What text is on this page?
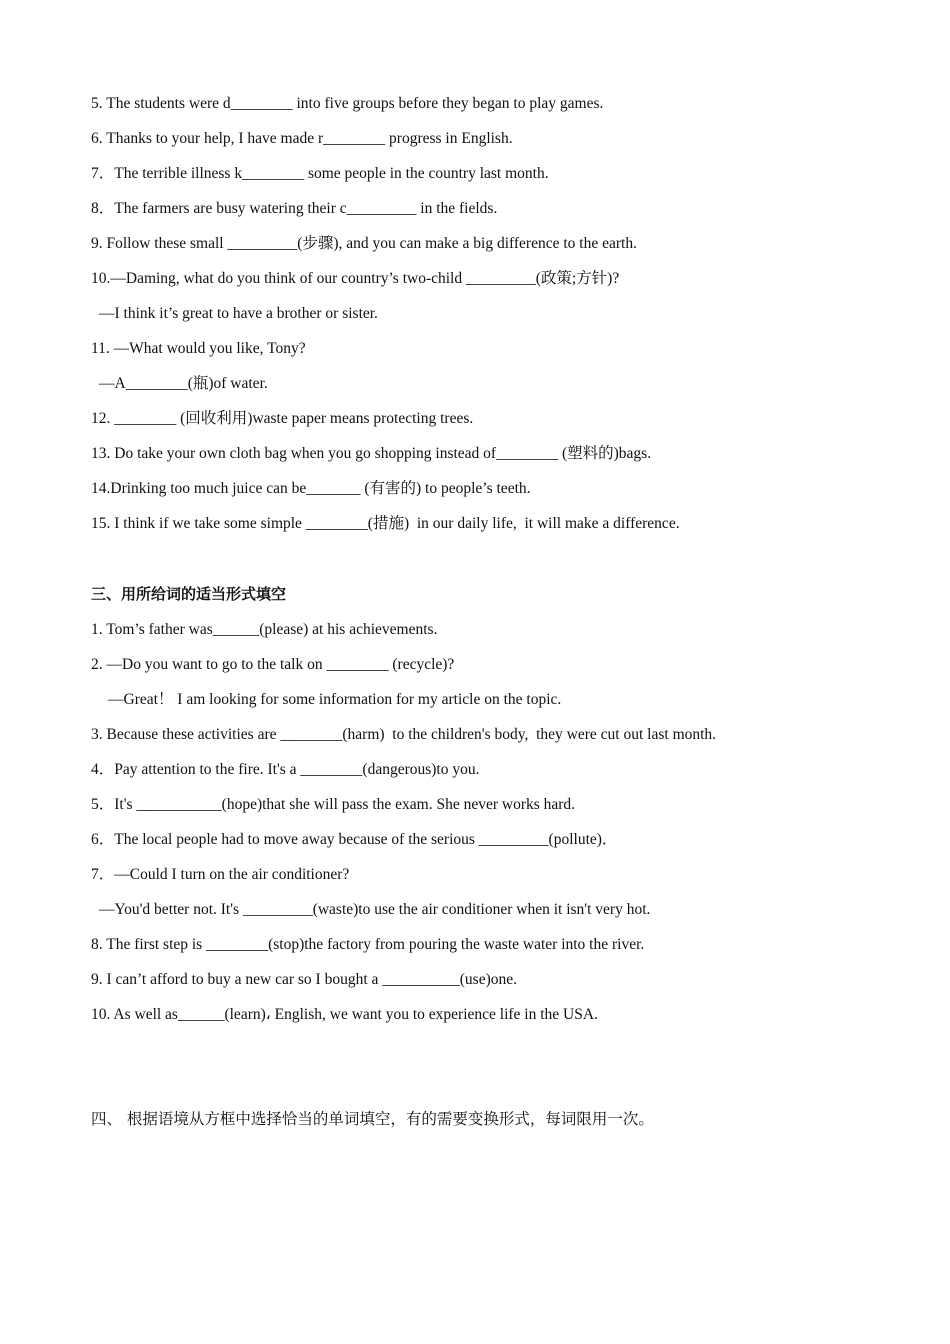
5. The students were d________ into five groups before they began to play games.
6. Thanks to your help, I have made r________ progress in English.
7．The terrible illness k________ some people in the country last month.
8．The farmers are busy watering their c_________ in the fields.
9. Follow these small _________(步骤), and you can make a big difference to the earth.
10.—Daming, what do you think of our country’s two-child _________(政策;方针)?
—I think it’s great to have a brother or sister.
11. —What would you like, Tony?
—A________(瓶)of water.
12. ________ (回收利用)waste paper means protecting trees.
13. Do take your own cloth bag when you go shopping instead of________ (塑料的)bags.
14.Drinking too much juice can be_______ (有害的) to people’s teeth.
15. I think if we take some simple ________(措施)  in our daily life,  it will make a difference.
三、用所给词的适当形式填空
1. Tom’s father was______(please) at his achievements.
2. —Do you want to go to the talk on ________ (recycle)?
—Great！ I am looking for some information for my article on the topic.
3. Because these activities are ________(harm)  to the children's body,  they were cut out last month.
4．Pay attention to the fire. It's a ________(dangerous)to you.
5．It's ___________(hope)that she will pass the exam. She never works hard.
6．The local people had to move away because of the serious _________(pollute)．
7．—Could I turn on the air conditioner?
—You'd better not. It's _________(waste)to use the air conditioner when it isn't very hot.
8. The first step is ________(stop)the factory from pouring the waste water into the river.
9. I can’t afford to buy a new car so I bought a __________(use)one.
10. As well as______(learn)، English, we want you to experience life in the USA.
四、 根据语境从方框中选择恰当的单词填空，有的需要变换形式，每词限用一次。
